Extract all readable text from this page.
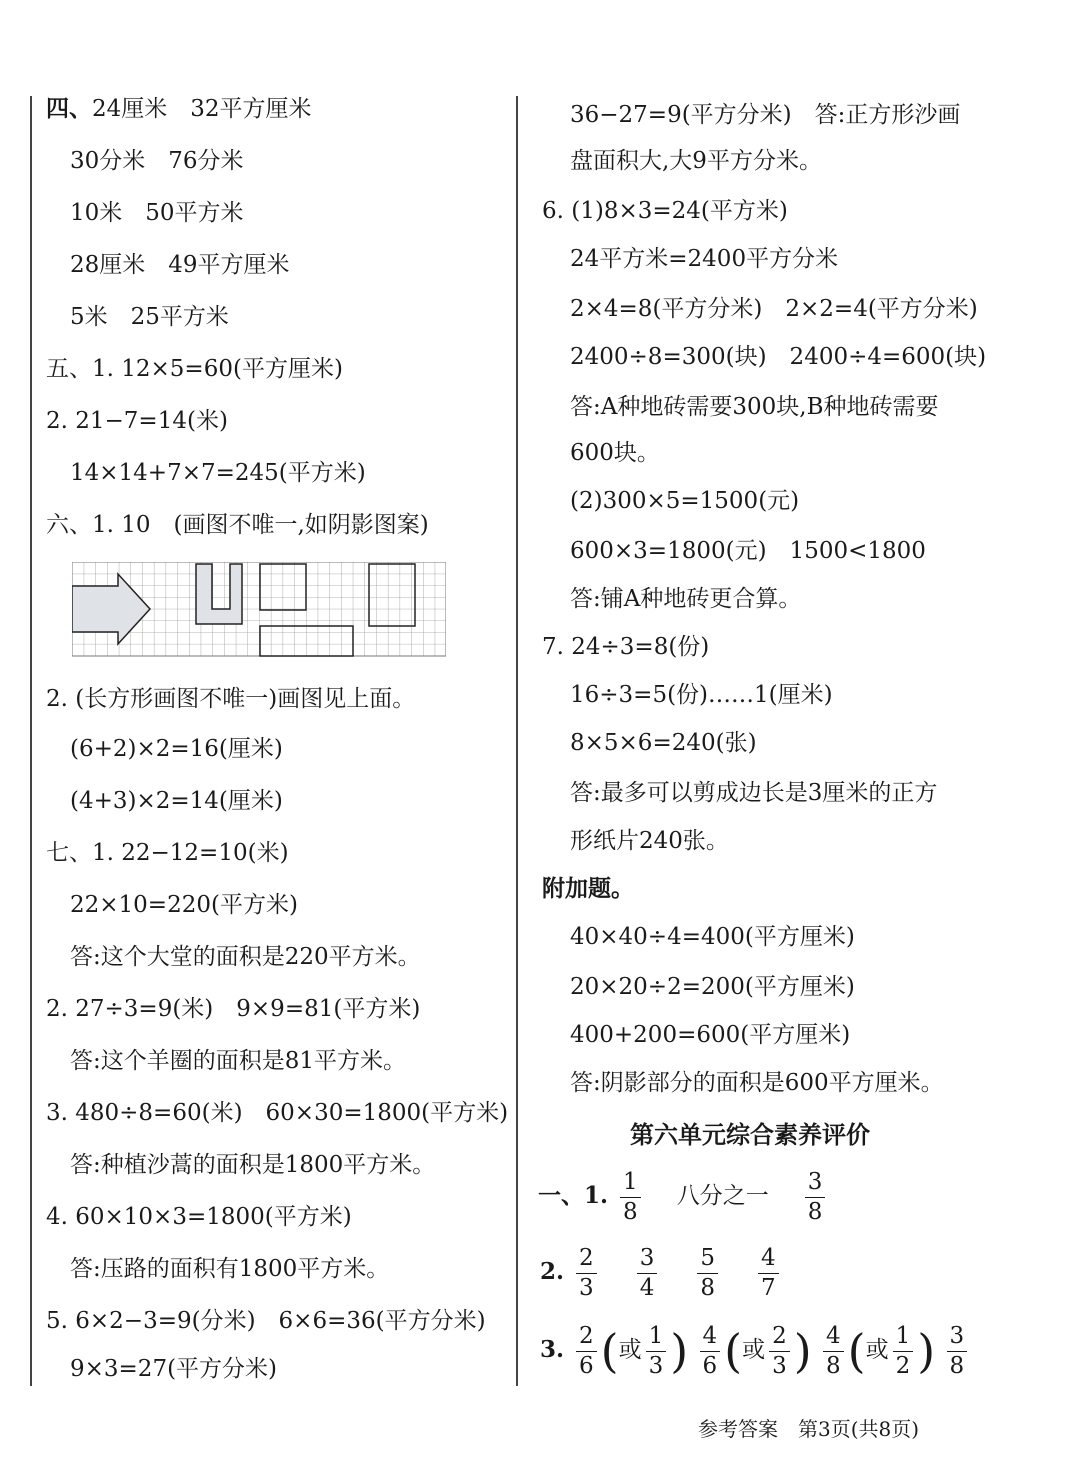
四、24厘米　32平方厘米
30分米　76分米
10米　50平方米
28厘米　49平方厘米
5米　25平方米
五、1. 12×5=60(平方厘米)
2. 21−7=14(米)
14×14+7×7=245(平方米)
六、1. 10　(画图不唯一,如阴影图案)
2. (长方形画图不唯一)画图见上面。
(6+2)×2=16(厘米)
(4+3)×2=14(厘米)
七、1. 22−12=10(米)
22×10=220(平方米)
答:这个大堂的面积是220平方米。
2. 27÷3=9(米)　9×9=81(平方米)
答:这个羊圈的面积是81平方米。
3. 480÷8=60(米)　60×30=1800(平方米)
答:种植沙蒿的面积是1800平方米。
4. 60×10×3=1800(平方米)
答:压路的面积有1800平方米。
5. 6×2−3=9(分米)　6×6=36(平方分米)
9×3=27(平方分米)
36−27=9(平方分米)　答:正方形沙画
盘面积大,大9平方分米。
6. (1)8×3=24(平方米)
24平方米=2400平方分米
2×4=8(平方分米)　2×2=4(平方分米)
2400÷8=300(块)　2400÷4=600(块)
答:A种地砖需要300块,B种地砖需要
600块。
(2)300×5=1500(元)
600×3=1800(元)　1500<1800
答:铺A种地砖更合算。
7. 24÷3=8(份)
16÷3=5(份)……1(厘米)
8×5×6=240(张)
答:最多可以剪成边长是3厘米的正方
形纸片240张。
附加题。
40×40÷4=400(平方厘米)
20×20÷2=200(平方厘米)
400+200=600(平方厘米)
答:阴影部分的面积是600平方厘米。
第六单元综合素养评价
一、1. $\frac{1}{8}$ 八分之一 $\frac{3}{8}$
2. $\frac{2}{3}$
$\frac{3}{4}$
$\frac{5}{8}$
$\frac{4}{7}$
3. $\frac{2}{6}$ (或 $\frac{1}{3}$ ) $\frac{4}{6}$ (或 $\frac{2}{3}$ ) $\frac{4}{8}$ (或 $\frac{1}{2}$ ) $\frac{3}{8}$
参考答案　第3页(共8页)
